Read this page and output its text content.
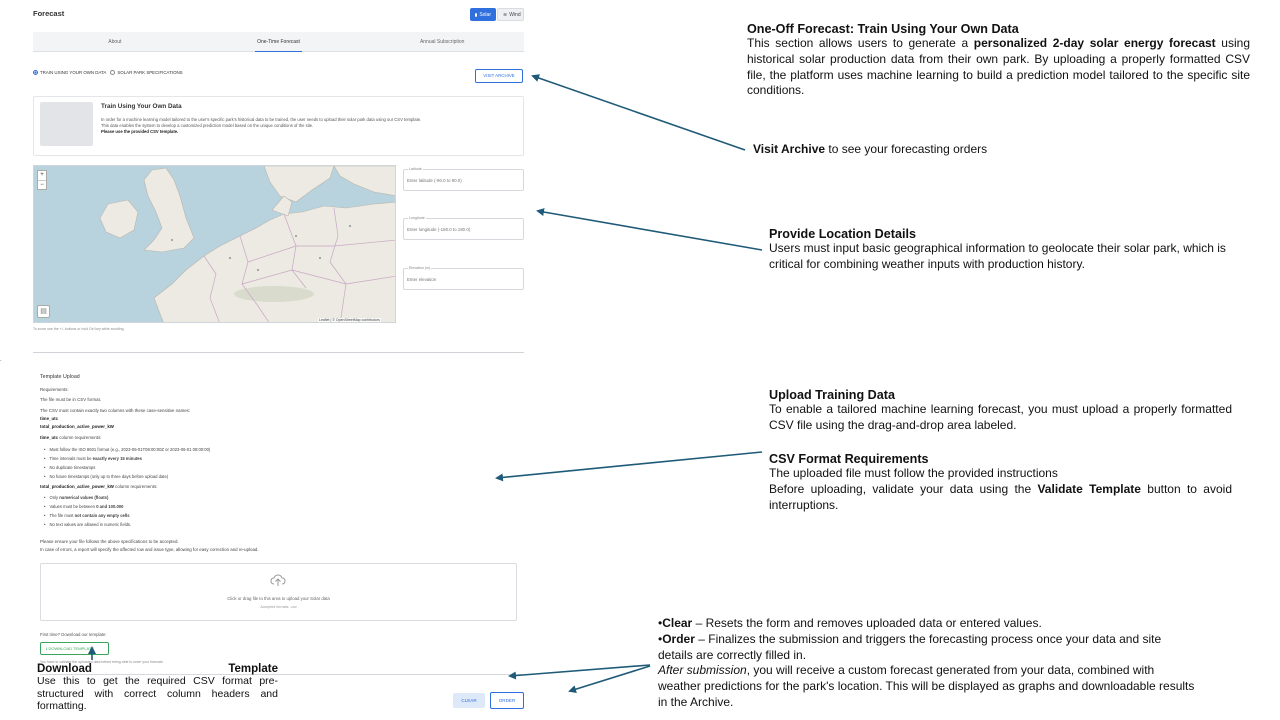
Forecast	Solar ≋ Wind
About	One-Time Forecast	Annual Subscription
TRAIN USING YOUR OWN DATA	SOLAR PARK SPECIFICATIONS
VISIT ARCHIVE
Train Using Your Own Data
In order for a machine learning model tailored to the user's specific park's historical data to be trained, the user needs to upload their solar park data using our CSV template.
This data enables the system to develop a customized prediction model based on the unique conditions of the site.
Please use the provided CSV template.
+
−
▤
Leaflet | © OpenStreetMap contributors
To zoom use the +/- buttons or hold Ctrl key while scrolling.
Latitude
Enter latitude (-90.0 to 90.0)
Longitude
Enter longitude (-180.0 to 180.0)
Elevation (m)
Enter elevation
.
Template Upload
Requirements:
The file must be in CSV format.
The CSV must contain exactly two columns with these case-sensitive names:
time_utc
total_production_active_power_kW
time_utc column requirements:
• Must follow the ISO 8601 format (e.g., 2023-06-01T08:00:00Z or 2023-06-01 08:00:00)
• Time intervals must be exactly every 15 minutes
• No duplicate timestamps
• No future timestamps (only up to three days before upload date)
total_production_active_power_kW column requirements:
• Only numerical values (floats)
• Values must be between 0 and 100.000
• The file must not contain any empty cells
• No text values are allowed in numeric fields.
Please ensure your file follows the above specifications to be accepted.
In case of errors, a report will specify the affected row and issue type, allowing for easy correction and re-upload.
Click or drag file to this area to upload your Solar data
Accepted formats: .csv
First time? Download our template:
⭳ DOWNLOAD TEMPLATE
You have to validate the uploaded data before being able to order your forecast
CLEAR	ORDER
One-Off Forecast: Train Using Your Own Data
This section allows users to generate a personalized 2-day solar energy forecast using historical solar production data from their own park. By uploading a properly formatted CSV file, the platform uses machine learning to build a prediction model tailored to the specific site conditions.
Visit Archive to see your forecasting orders
Provide Location Details
Users must input basic geographical information to geolocate their solar park, which is critical for combining weather inputs with production history.
Upload Training Data
To enable a tailored machine learning forecast, you must upload a properly formatted CSV file using the drag-and-drop area labeled.
CSV Format Requirements
The uploaded file must follow the provided instructions
Before uploading, validate your data using the Validate Template button to avoid interruptions.
•Clear – Resets the form and removes uploaded data or entered values.
•Order – Finalizes the submission and triggers the forecasting process once your data and site details are correctly filled in.
After submission, you will receive a custom forecast generated from your data, combined with weather predictions for the park's location. This will be displayed as graphs and downloadable results in the Archive.
Download	Template
Use this to get the required CSV format pre-structured with correct column headers and formatting.
